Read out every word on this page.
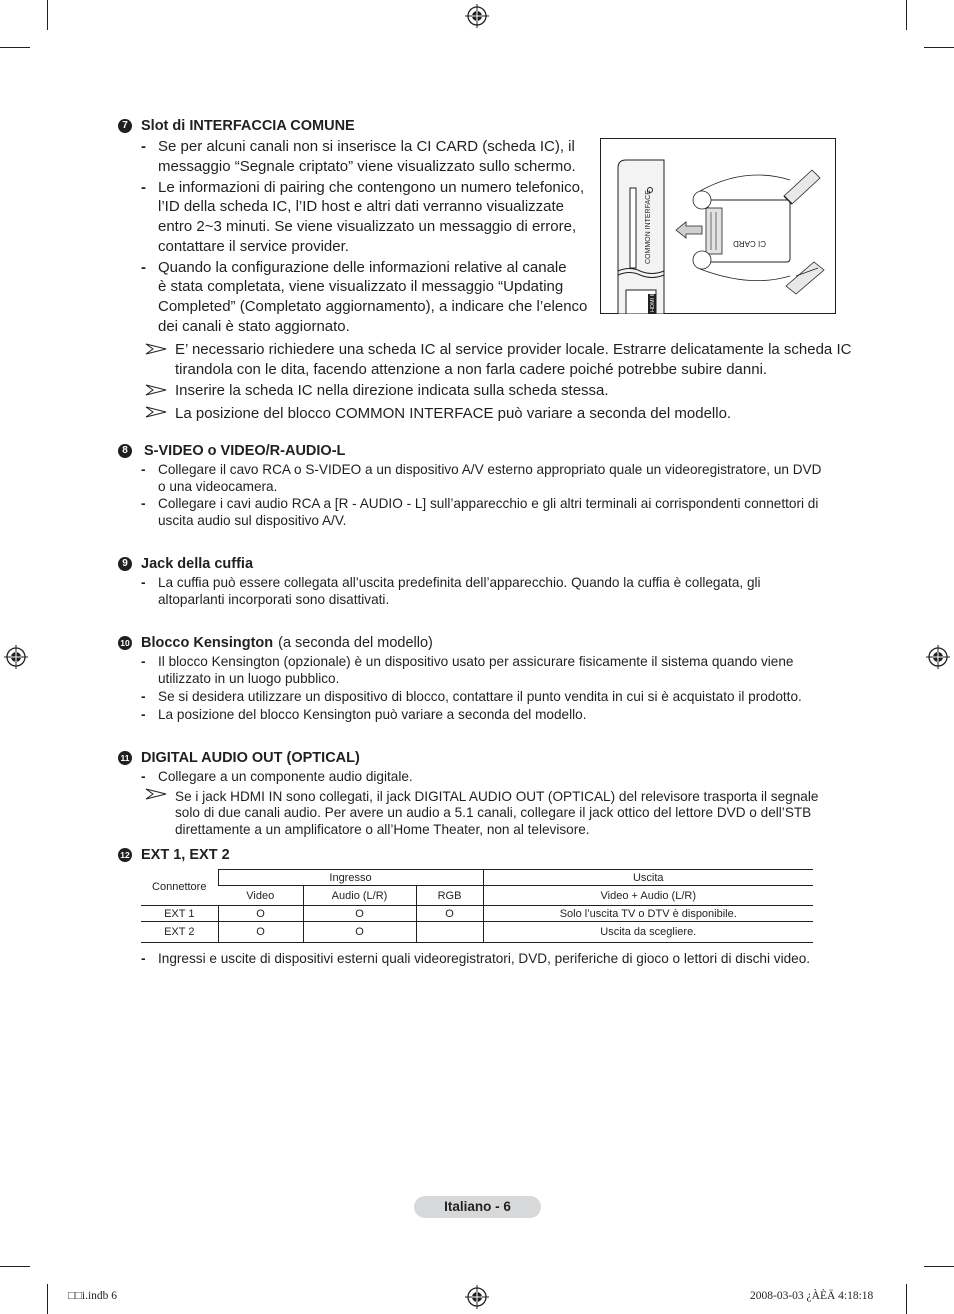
7 Slot di INTERFACCIA COMUNE
- Se per alcuni canali non si inserisce la CI CARD (scheda IC), il
messaggio “Segnale criptato” viene visualizzato sullo schermo.
- Le informazioni di pairing che contengono un numero telefonico,
l’ID della scheda IC, l’ID host e altri dati verranno visualizzate
entro 2~3 minuti. Se viene visualizzato un messaggio di errore,
contattare il service provider.
- Quando la configurazione delle informazioni relative al canale
è stata completata, viene visualizzato il messaggio “Updating
Completed” (Completato aggiornamento), a indicare che l’elenco
dei canali è stato aggiornato.
COMMON INTERFACE
HDMI IN
CI CARD
E’ necessario richiedere una scheda IC al service provider locale. Estrarre delicatamente la scheda IC
tirandola con le dita, facendo attenzione a non farla cadere poiché potrebbe subire danni.
Inserire la scheda IC nella direzione indicata sulla scheda stessa.
La posizione del blocco COMMON INTERFACE può variare a seconda del modello.
8 S-VIDEO o VIDEO/R-AUDIO-L
- Collegare il cavo RCA o S-VIDEO a un dispositivo A/V esterno appropriato quale un videoregistratore, un DVD
o una videocamera.
- Collegare i cavi audio RCA a [R - AUDIO - L] sull’apparecchio e gli altri terminali ai corrispondenti connettori di
uscita audio sul dispositivo A/V.
9 Jack della cuffia
- La cuffia può essere collegata all’uscita predefinita dell’apparecchio. Quando la cuffia è collegata, gli
altoparlanti incorporati sono disattivati.
10 Blocco Kensington (a seconda del modello)
- Il blocco Kensington (opzionale) è un dispositivo usato per assicurare fisicamente il sistema quando viene
utilizzato in un luogo pubblico.
- Se si desidera utilizzare un dispositivo di blocco, contattare il punto vendita in cui si è acquistato il prodotto.
- La posizione del blocco Kensington può variare a seconda del modello.
11 DIGITAL AUDIO OUT (OPTICAL)
- Collegare a un componente audio digitale.
Se i jack HDMI IN sono collegati, il jack DIGITAL AUDIO OUT (OPTICAL) del relevisore trasporta il segnale
solo di due canali audio. Per avere un audio a 5.1 canali, collegare il jack ottico del lettore DVD o dell’STB
direttamente a un amplificatore o all’Home Theater, non al televisore.
12 EXT 1, EXT 2
Connettore	Ingresso			Uscita
	Video	Audio (L/R)	RGB	Video + Audio (L/R)
EXT 1	O	O	O	Solo l’uscita TV o DTV è disponibile.
EXT 2	O	O		Uscita da scegliere.
- Ingressi e uscite di dispositivi esterni quali videoregistratori, DVD, periferiche di gioco o lettori di dischi video.
Italiano - 6
□□i.indb 6	2008-03-03 ¿ÀÈÄ 4:18:18
